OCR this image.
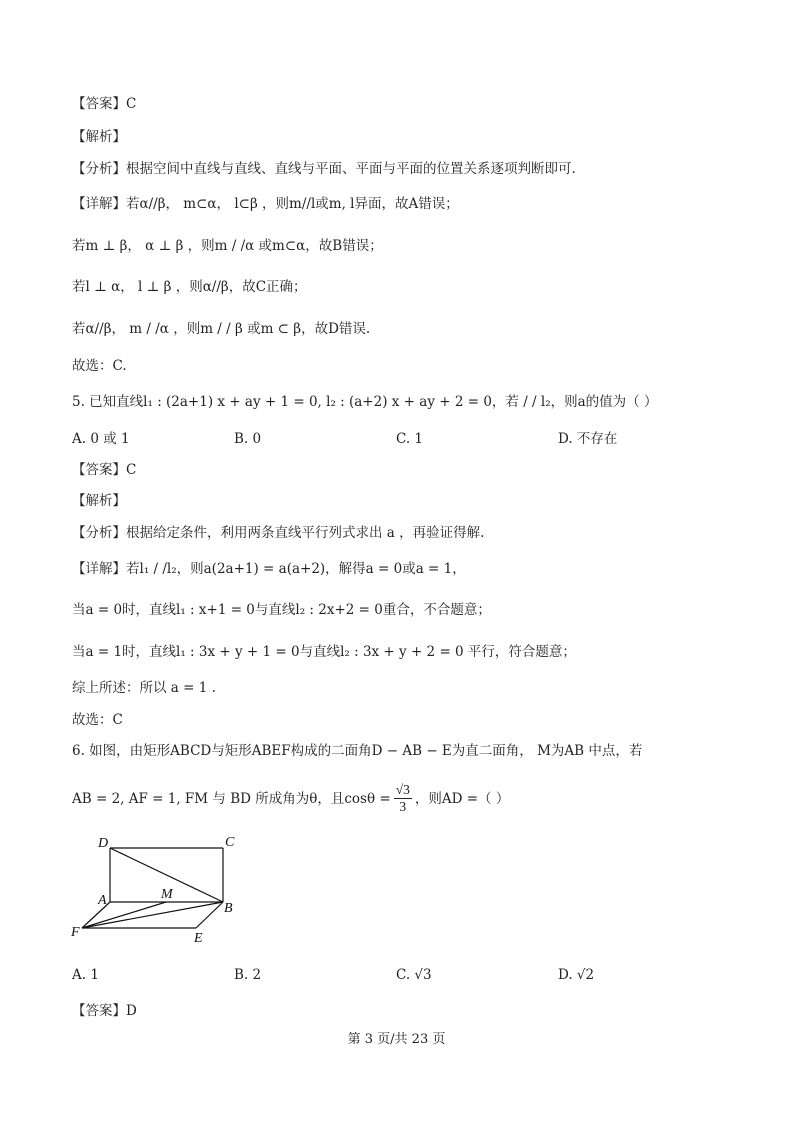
【答案】C
【解析】
【分析】根据空间中直线与直线、直线与平面、平面与平面的位置关系逐项判断即可.
【详解】若α//β， m⊂α， l⊂β ，则m//l或m, l异面，故A错误；
若m ⊥ β， α ⊥ β ，则m / /α 或m⊂α，故B错误；
若l ⊥ α， l ⊥ β ，则α//β，故C正确；
若α//β， m / /α ，则m / / β 或m ⊂ β，故D错误.
故选：C.
5. 已知直线l₁ : (2a+1) x + ay + 1 = 0, l₂ : (a+2) x + ay + 2 = 0，若 / / l₂，则a的值为（ ）
A. 0 或 1	B. 0	C. 1	D. 不存在
【答案】C
【解析】
【分析】根据给定条件，利用两条直线平行列式求出 a ，再验证得解.
【详解】若l₁ / /l₂，则a(2a+1) = a(a+2)，解得a = 0或a = 1，
当a = 0时，直线l₁ : x+1 = 0与直线l₂ : 2x+2 = 0重合，不合题意；
当a = 1时，直线l₁ : 3x + y + 1 = 0与直线l₂ : 3x + y + 2 = 0 平行，符合题意；
综上所述：所以 a = 1 .
故选：C
6. 如图，由矩形ABCD与矩形ABEF构成的二面角D − AB − E为直二面角， M为AB 中点，若
AB = 2, AF = 1, FM 与 BD 所成角为θ，且$\cos\theta = \frac{√3}{3}$ ，则AD =（ ）
D	C
A	M
B
F	E
A. 1	B. 2	C. √3	D. √2
【答案】D
第 3 页/共 23 页
